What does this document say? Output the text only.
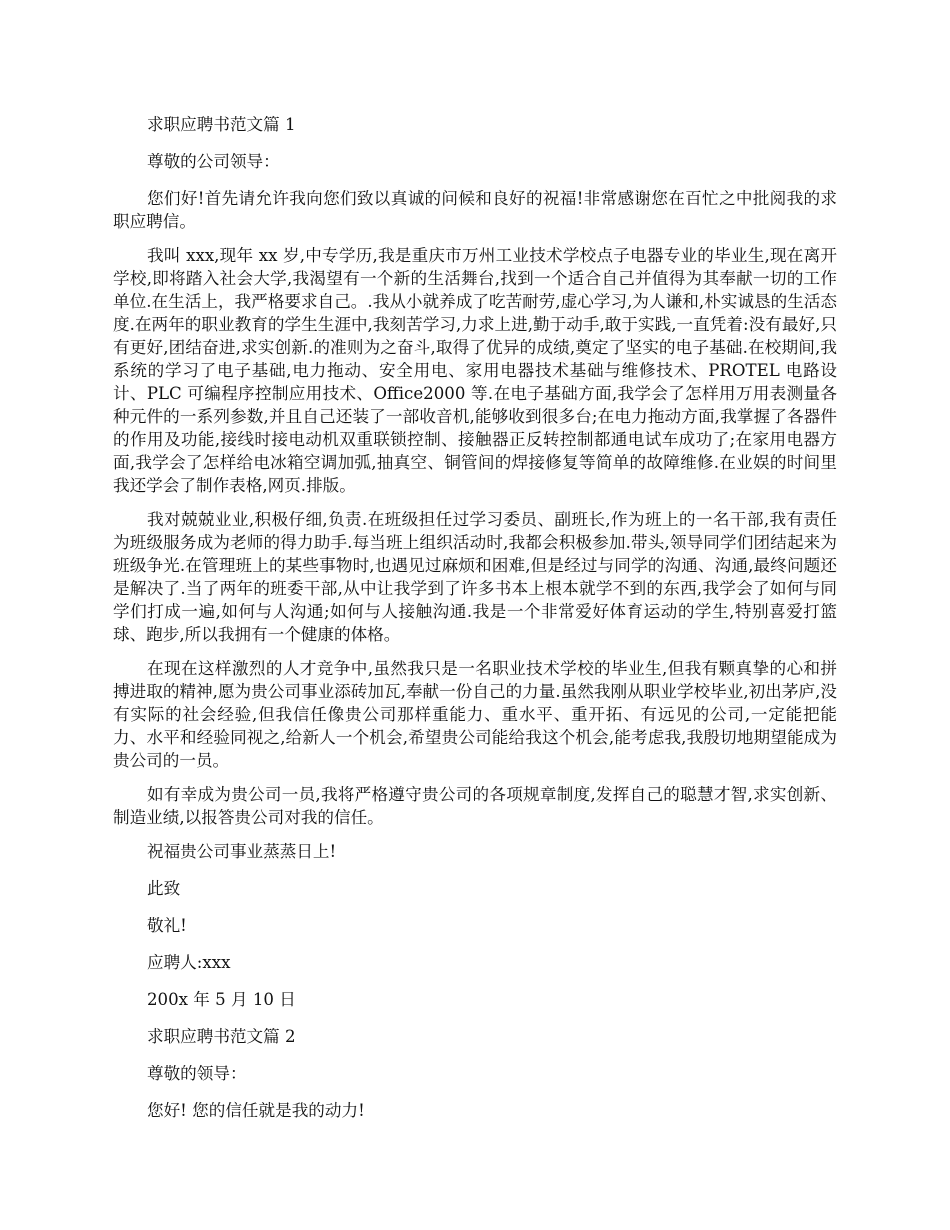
求职应聘书范文篇 1

尊敬的公司领导：

您们好!首先请允许我向您们致以真诚的问候和良好的祝福!非常感谢您在百忙之中批阅我的求职应聘信。

我叫 xxx,现年 xx 岁,中专学历,我是重庆市万州工业技术学校点子电器专业的毕业生,现在离开学校,即将踏入社会大学,我渴望有一个新的生活舞台,找到一个适合自己并值得为其奉献一切的工作单位.在生活上，我严格要求自己。.我从小就养成了吃苦耐劳,虚心学习,为人谦和,朴实诚恳的生活态度.在两年的职业教育的学生生涯中,我刻苦学习,力求上进,勤于动手,敢于实践,一直凭着:没有最好,只有更好,团结奋进,求实创新.的准则为之奋斗,取得了优异的成绩,奠定了坚实的电子基础.在校期间,我系统的学习了电子基础,电力拖动、安全用电、家用电器技术基础与维修技术、PROTEL 电路设计、PLC 可编程序控制应用技术、Office2000 等.在电子基础方面,我学会了怎样用万用表测量各种元件的一系列参数,并且自己还装了一部收音机,能够收到很多台;在电力拖动方面,我掌握了各器件的作用及功能,接线时接电动机双重联锁控制、接触器正反转控制都通电试车成功了;在家用电器方面,我学会了怎样给电冰箱空调加弧,抽真空、铜管间的焊接修复等简单的故障维修.在业娱的时间里我还学会了制作表格,网页.排版。

我对兢兢业业,积极仔细,负责.在班级担任过学习委员、副班长,作为班上的一名干部,我有责任为班级服务成为老师的得力助手.每当班上组织活动时,我都会积极参加.带头,领导同学们团结起来为班级争光.在管理班上的某些事物时,也遇见过麻烦和困难,但是经过与同学的沟通、沟通,最终问题还是解决了.当了两年的班委干部,从中让我学到了许多书本上根本就学不到的东西,我学会了如何与同学们打成一遍,如何与人沟通;如何与人接触沟通.我是一个非常爱好体育运动的学生,特别喜爱打篮球、跑步,所以我拥有一个健康的体格。

在现在这样激烈的人才竞争中,虽然我只是一名职业技术学校的毕业生,但我有颗真挚的心和拼搏进取的精神,愿为贵公司事业添砖加瓦,奉献一份自己的力量.虽然我刚从职业学校毕业,初出茅庐,没有实际的社会经验,但我信任像贵公司那样重能力、重水平、重开拓、有远见的公司,一定能把能力、水平和经验同视之,给新人一个机会,希望贵公司能给我这个机会,能考虑我,我殷切地期望能成为贵公司的一员。

如有幸成为贵公司一员,我将严格遵守贵公司的各项规章制度,发挥自己的聪慧才智,求实创新、制造业绩,以报答贵公司对我的信任。

祝福贵公司事业蒸蒸日上!

此致

敬礼!

应聘人:xxx

200x 年 5 月 10 日

求职应聘书范文篇 2

尊敬的领导：

您好! 您的信任就是我的动力!
